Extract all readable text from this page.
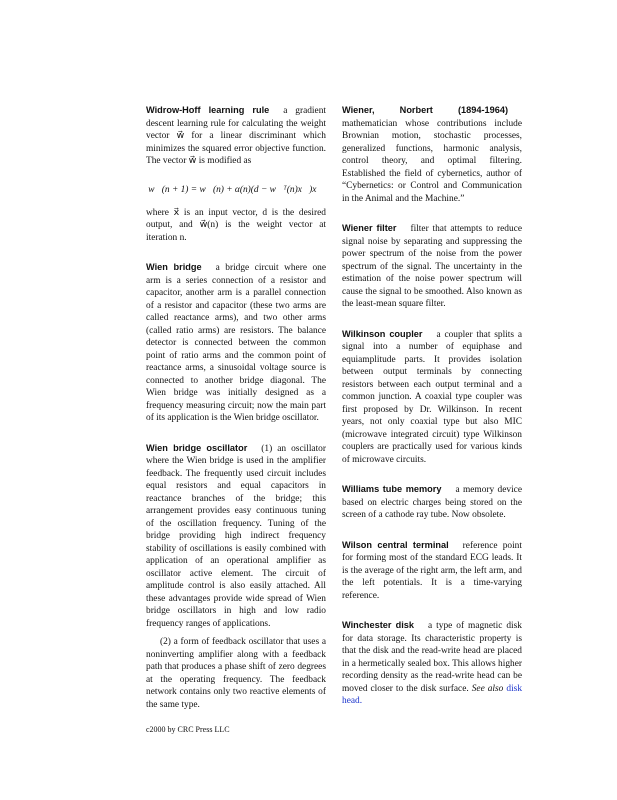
Widrow-Hoff learning rule a gradient descent learning rule for calculating the weight vector w⃗ for a linear discriminant which minimizes the squared error objective function. The vector w⃗ is modified as

w⃗(n + 1) = w⃗(n) + α(n)(d − w⃗ᵀ(n)x⃗)x⃗

where x⃗ is an input vector, d is the desired output, and w⃗(n) is the weight vector at iteration n.

Wien bridge a bridge circuit where one arm is a series connection of a resistor and capacitor, another arm is a parallel connection of a resistor and capacitor (these two arms are called reactance arms), and two other arms (called ratio arms) are resistors. The balance detector is connected between the common point of ratio arms and the common point of reactance arms, a sinusoidal voltage source is connected to another bridge diagonal. The Wien bridge was initially designed as a frequency measuring circuit; now the main part of its application is the Wien bridge oscillator.

Wien bridge oscillator (1) an oscillator where the Wien bridge is used in the amplifier feedback. The frequently used circuit includes equal resistors and equal capacitors in reactance branches of the bridge; this arrangement provides easy continuous tuning of the oscillation frequency. Tuning of the bridge providing high indirect frequency stability of oscillations is easily combined with application of an operational amplifier as oscillator active element. The circuit of amplitude control is also easily attached. All these advantages provide wide spread of Wien bridge oscillators in high and low radio frequency ranges of applications.

(2) a form of feedback oscillator that uses a noninverting amplifier along with a feedback path that produces a phase shift of zero degrees at the operating frequency. The feedback network contains only two reactive elements of the same type.

Wiener, Norbert (1894-1964)mathematician whose contributions include Brownian motion, stochastic processes, generalized functions, harmonic analysis, control theory, and optimal filtering. Established the field of cybernetics, author of “Cybernetics: or Control and Communication in the Animal and the Machine.”

Wiener filter filter that attempts to reduce signal noise by separating and suppressing the power spectrum of the noise from the power spectrum of the signal. The uncertainty in the estimation of the noise power spectrum will cause the signal to be smoothed. Also known as the least-mean square filter.

Wilkinson coupler a coupler that splits a signal into a number of equiphase and equiamplitude parts. It provides isolation between output terminals by connecting resistors between each output terminal and a common junction. A coaxial type coupler was first proposed by Dr. Wilkinson. In recent years, not only coaxial type but also MIC (microwave integrated circuit) type Wilkinson couplers are practically used for various kinds of microwave circuits.

Williams tube memory a memory device based on electric charges being stored on the screen of a cathode ray tube. Now obsolete.

Wilson central terminal reference point for forming most of the standard ECG leads. It is the average of the right arm, the left arm, and the left potentials. It is a time-varying reference.

Winchester disk a type of magnetic disk for data storage. Its characteristic property is that the disk and the read-write head are placed in a hermetically sealed box. This allows higher recording density as the read-write head can be moved closer to the disk surface. See also disk head.

c2000 by CRC Press LLC
